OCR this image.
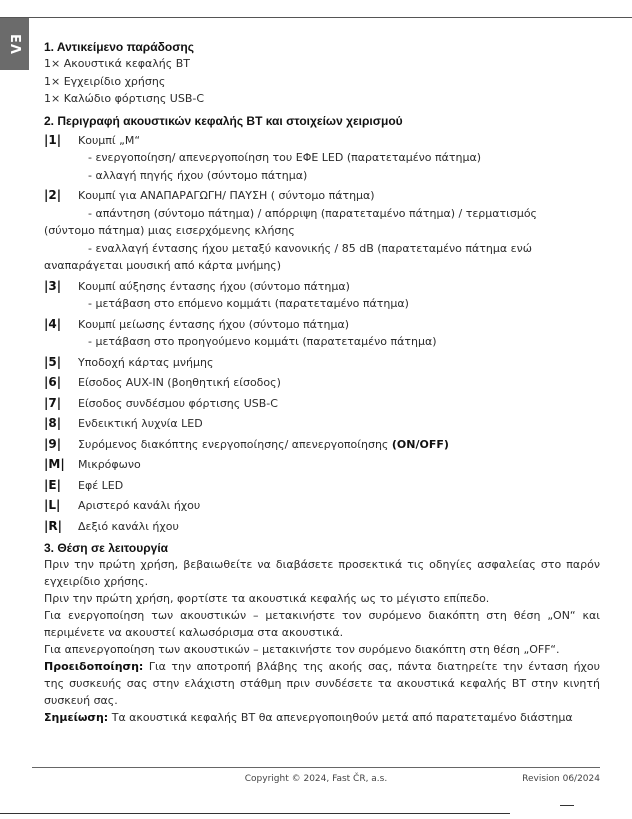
ΕΛ 1. Αντικείμενο παράδοσης
1× Ακουστικά κεφαλής BT
1× Εγχειρίδιο χρήσης
1× Καλώδιο φόρτισης USB-C
2. Περιγραφή ακουστικών κεφαλής BT και στοιχείων χειρισμού
|1|	Κουμπί „M“
- ενεργοποίηση/ απενεργοποίηση του ΕΦΕ LED (παρατεταμένο πάτημα)
- αλλαγή πηγής ήχου (σύντομο πάτημα)
|2|	Κουμπί για ΑΝΑΠΑΡΑΓΩΓΗ/ ΠΑΥΣΗ ( σύντομο πάτημα)
- απάντηση (σύντομο πάτημα) / απόρριψη (παρατεταμένο πάτημα) / τερματισμός
(σύντομο πάτημα) μιας εισερχόμενης κλήσης
- εναλλαγή έντασης ήχου μεταξύ κανονικής / 85 dB (παρατεταμένο πάτημα ενώ
αναπαράγεται μουσική από κάρτα μνήμης)
|3|	Κουμπί αύξησης έντασης ήχου (σύντομο πάτημα)
- μετάβαση στο επόμενο κομμάτι (παρατεταμένο πάτημα)
|4|	Κουμπί μείωσης έντασης ήχου (σύντομο πάτημα)
- μετάβαση στο προηγούμενο κομμάτι (παρατεταμένο πάτημα)
|5|	Υποδοχή κάρτας μνήμης
|6|	Είσοδος AUX-IN (βοηθητική είσοδος)
|7|	Είσοδος συνδέσμου φόρτισης USB-C
|8|	Ενδεικτική λυχνία LED
|9|	Συρόμενος διακόπτης ενεργοποίησης/ απενεργοποίησης
(ON/OFF)
|M|	Μικρόφωνο
|E|	Εφέ LED
|L|	Αριστερό κανάλι ήχου
|R|	Δεξιό κανάλι ήχου
3. Θέση σε λειτουργία
Πριν την πρώτη χρήση, βεβαιωθείτε να διαβάσετε προσεκτικά τις οδηγίες ασφαλείας στο παρόν εγχειρίδιο χρήσης.
Πριν την πρώτη χρήση, φορτίστε τα ακουστικά κεφαλής ως το μέγιστο επίπεδο.
Για ενεργοποίηση των ακουστικών – μετακινήστε τον συρόμενο διακόπτη στη θέση „ON“ και περιμένετε να ακουστεί καλωσόρισμα στα ακουστικά.
Για απενεργοποίηση των ακουστικών – μετακινήστε τον συρόμενο διακόπτη στη θέση „OFF“.
Προειδοποίηση: Για την αποτροπή βλάβης της ακοής σας, πάντα διατηρείτε την ένταση ήχου της συσκευής σας στην ελάχιστη στάθμη πριν συνδέσετε τα ακουστικά κεφαλής BT στην κινητή συσκευή σας.
Σημείωση: Τα ακουστικά κεφαλής BT θα απενεργοποιηθούν μετά από παρατεταμένο διάστημα
Copyright © 2024, Fast ČR, a.s.	Revision 06/2024
